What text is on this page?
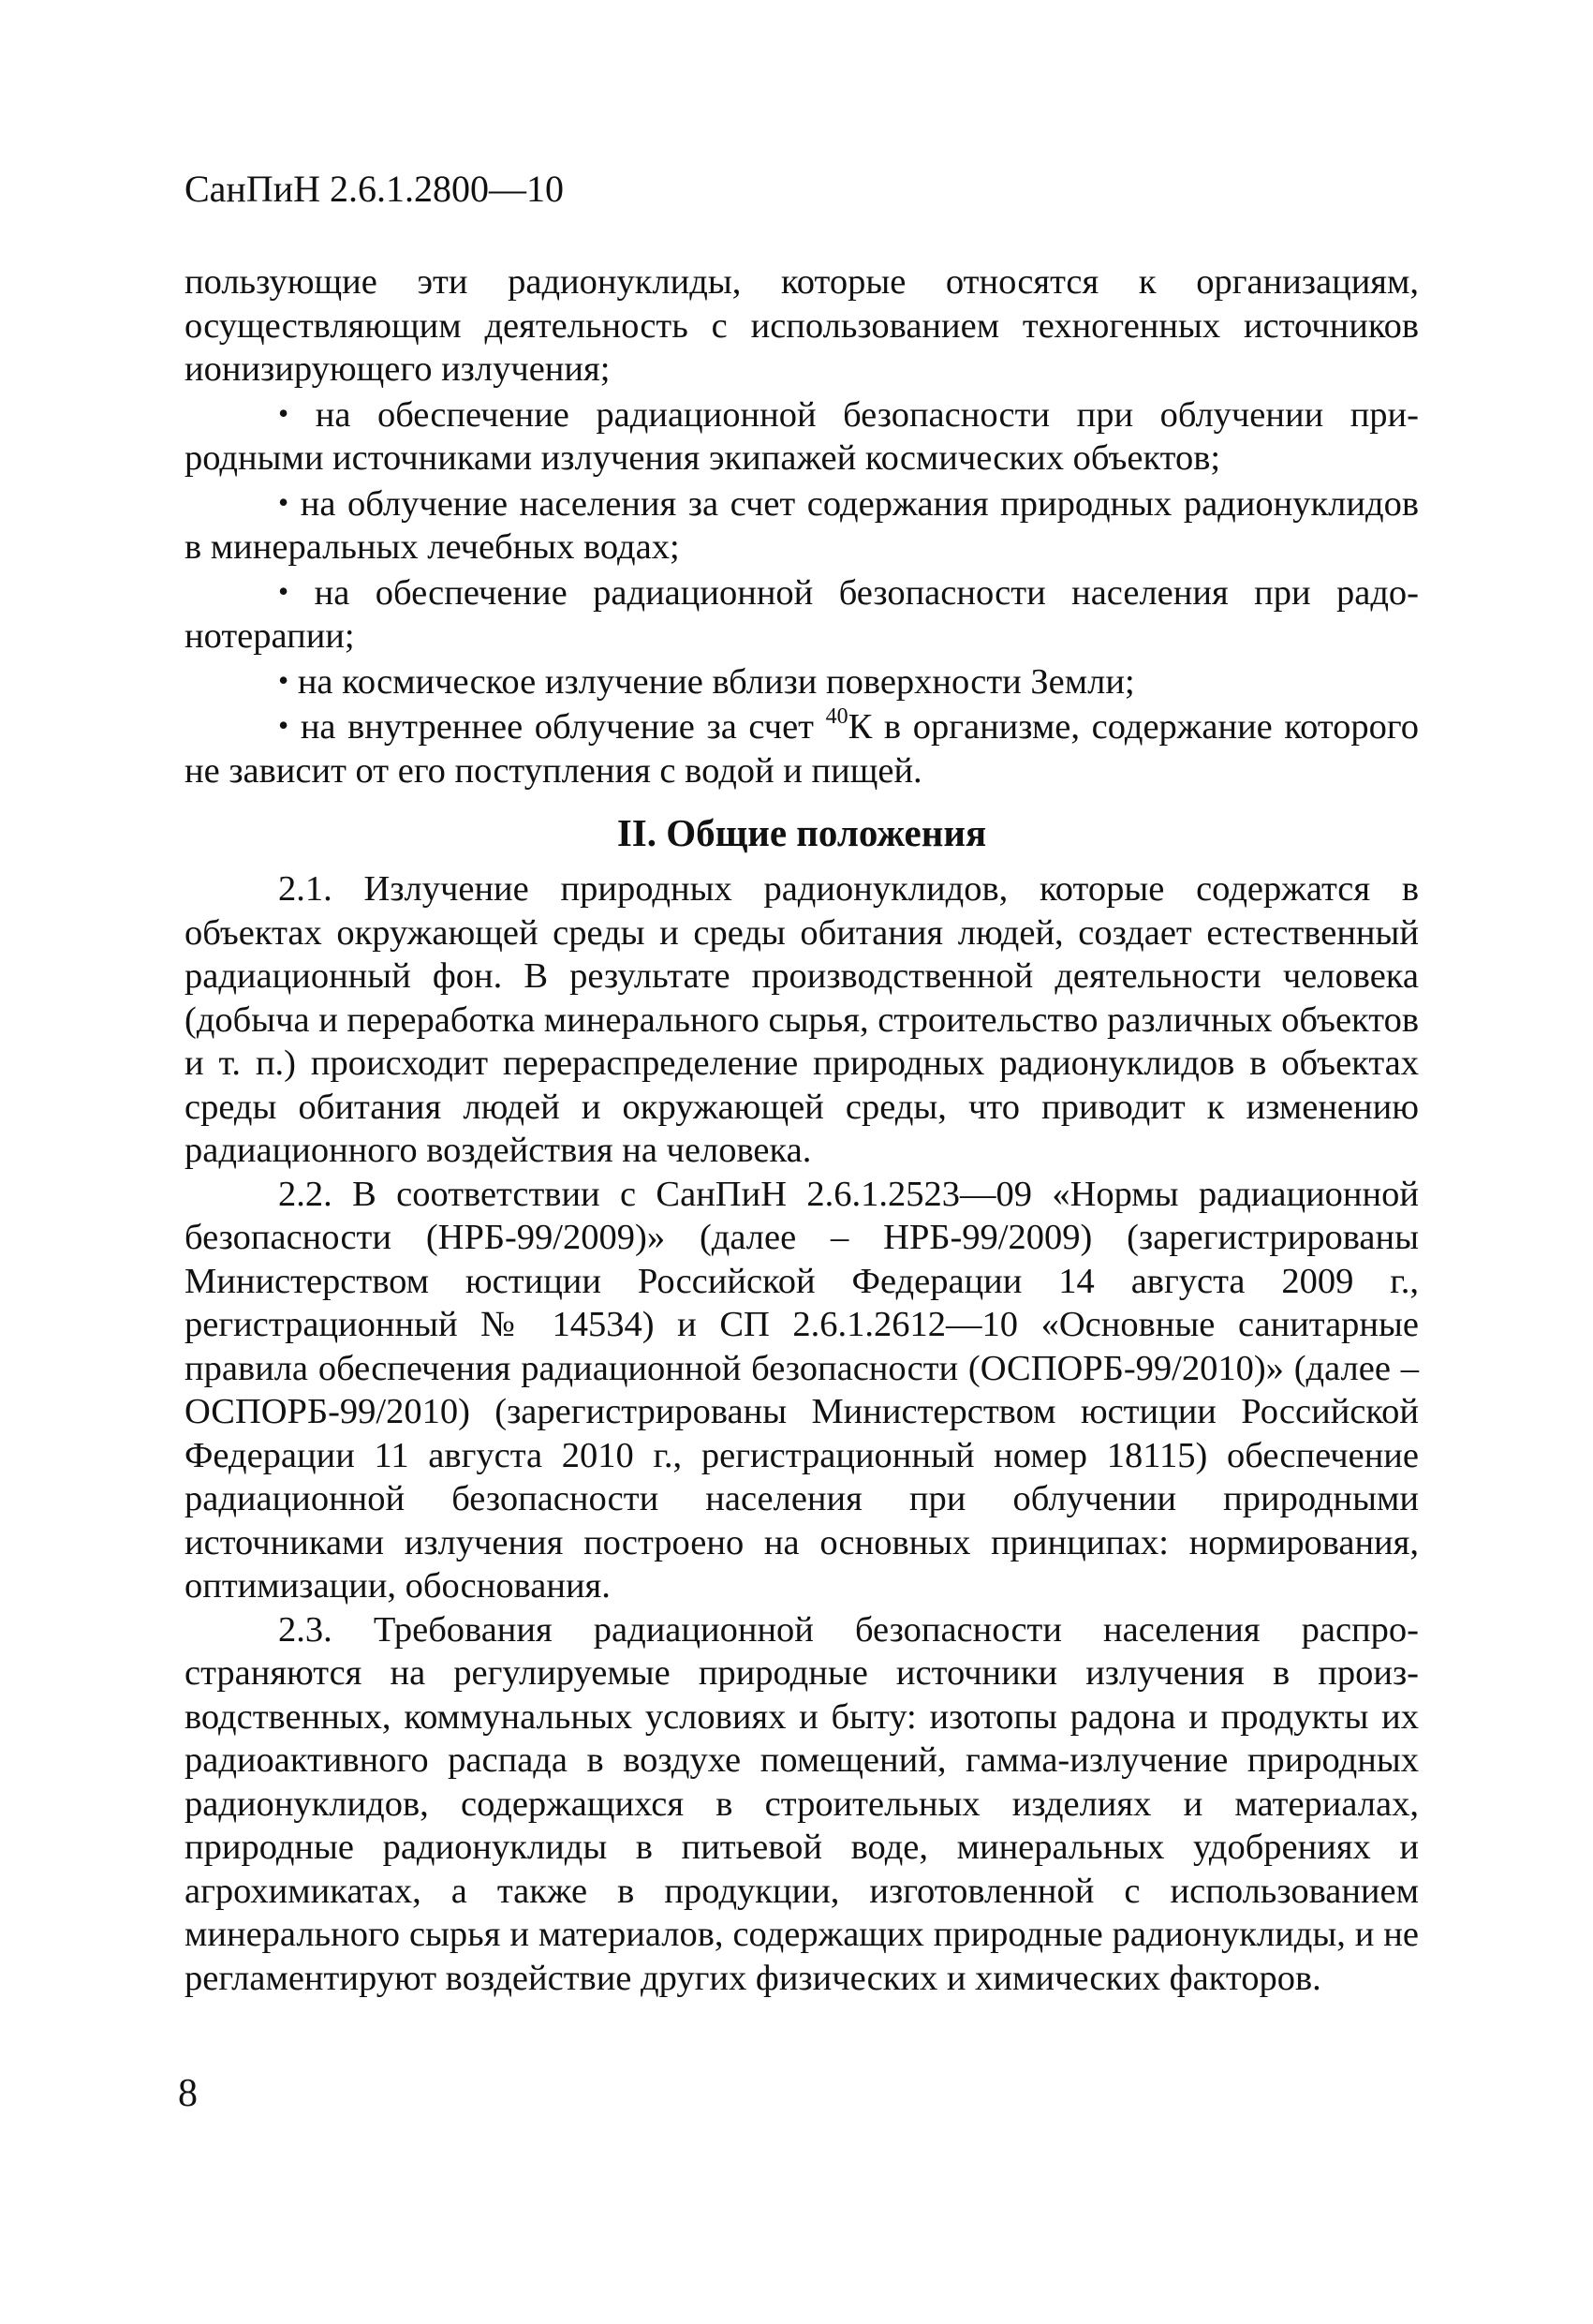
СанПиН 2.6.1.2800—10

пользующие эти радионуклиды, которые относятся к организациям, осуществляющим деятельность с использованием техногенных источников ионизирующего излучения;

• на обеспечение радиационной безопасности при облучении природными источниками излучения экипажей космических объектов;

• на облучение населения за счет содержания природных радионуклидов в минеральных лечебных водах;

• на обеспечение радиационной безопасности населения при радонотерапии;

• на космическое излучение вблизи поверхности Земли;

• на внутреннее облучение за счет $^{40}$К в организме, содержание которого не зависит от его поступления с водой и пищей.

II. Общие положения

2.1. Излучение природных радионуклидов, которые содержатся в объектах окружающей среды и среды обитания людей, создает естественный радиационный фон. В результате производственной деятельности человека (добыча и переработка минерального сырья, строительство различных объектов и т. п.) происходит перераспределение природных радионуклидов в объектах среды обитания людей и окружающей среды, что приводит к изменению радиационного воздействия на человека.

2.2. В соответствии с СанПиН 2.6.1.2523—09 «Нормы радиационной безопасности (НРБ-99/2009)» (далее – НРБ-99/2009) (зарегистрированы Министерством юстиции Российской Федерации 14 августа 2009 г., регистрационный № 14534) и СП 2.6.1.2612—10 «Основные санитарные правила обеспечения радиационной безопасности (ОСПОРБ-99/2010)» (далее – ОСПОРБ-99/2010) (зарегистрированы Министерством юстиции Российской Федерации 11 августа 2010 г., регистрационный номер 18115) обеспечение радиационной безопасности населения при облучении природными источниками излучения построено на основных принципах: нормирования, оптимизации, обоснования.

2.3. Требования радиационной безопасности населения распространяются на регулируемые природные источники излучения в производственных, коммунальных условиях и быту: изотопы радона и продукты их радиоактивного распада в воздухе помещений, гамма-излучение природных радионуклидов, содержащихся в строительных изделиях и материалах, природные радионуклиды в питьевой воде, минеральных удобрениях и агрохимикатах, а также в продукции, изготовленной с использованием минерального сырья и материалов, содержащих природные радионуклиды, и не регламентируют воздействие других физических и химических факторов.

8
